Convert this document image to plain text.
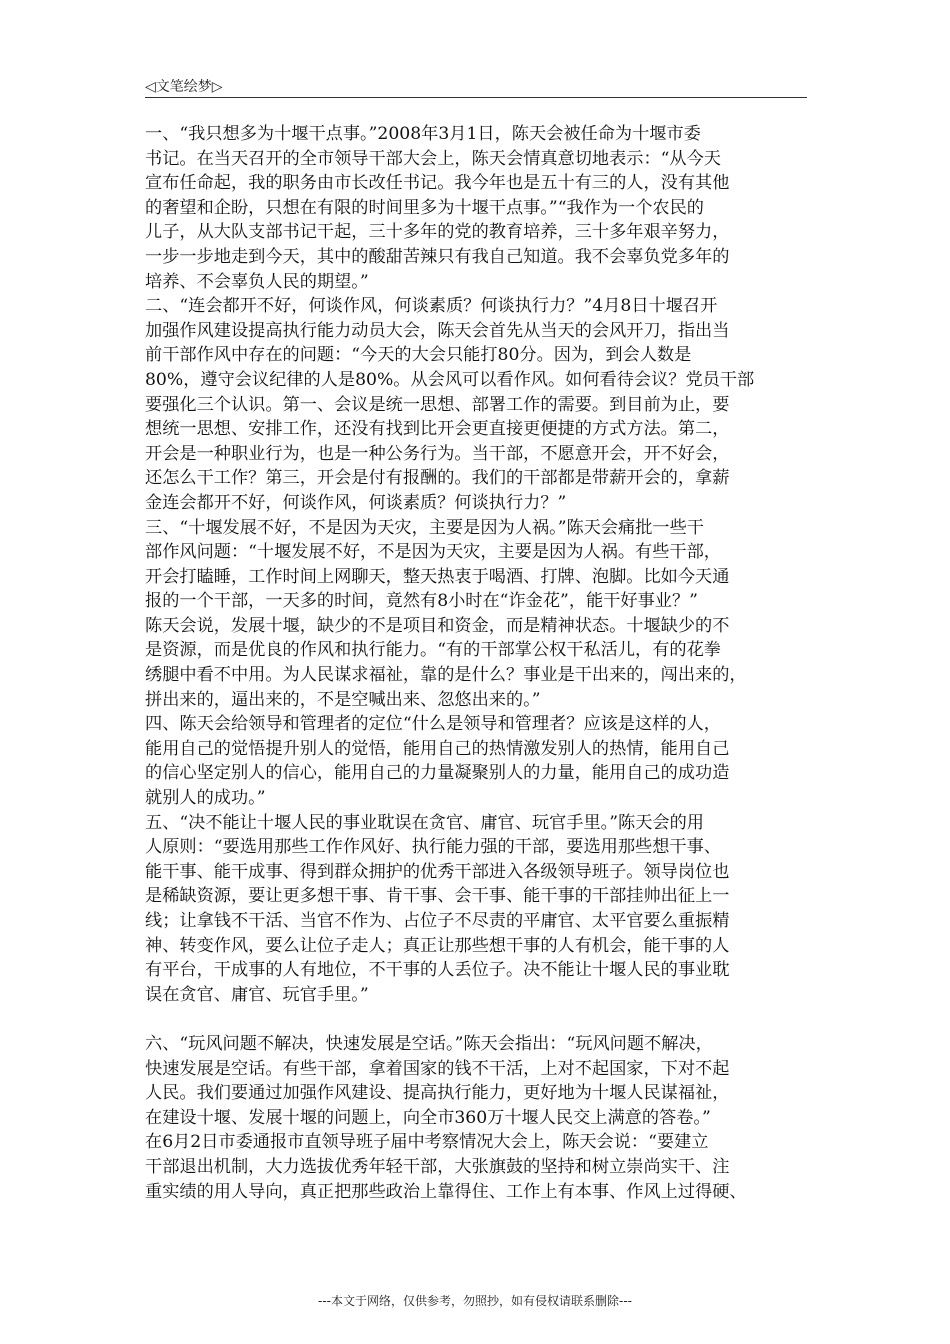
◁文笔绘梦▷
一、“我只想多为十堰干点事。”2008年3月1日，陈天会被任命为十堰市委
书记。在当天召开的全市领导干部大会上，陈天会情真意切地表示：“从今天
宣布任命起，我的职务由市长改任书记。我今年也是五十有三的人，没有其他
的奢望和企盼，只想在有限的时间里多为十堰干点事。”“我作为一个农民的
儿子，从大队支部书记干起，三十多年的党的教育培养，三十多年艰辛努力，
一步一步地走到今天，其中的酸甜苦辣只有我自己知道。我不会辜负党多年的
培养、不会辜负人民的期望。”
二、“连会都开不好，何谈作风，何谈素质？何谈执行力？”4月8日十堰召开
加强作风建设提高执行能力动员大会，陈天会首先从当天的会风开刀，指出当
前干部作风中存在的问题：“今天的大会只能打80分。因为，到会人数是
80%，遵守会议纪律的人是80%。从会风可以看作风。如何看待会议？党员干部
要强化三个认识。第一、会议是统一思想、部署工作的需要。到目前为止，要
想统一思想、安排工作，还没有找到比开会更直接更便捷的方式方法。第二，
开会是一种职业行为，也是一种公务行为。当干部，不愿意开会，开不好会，
还怎么干工作？第三，开会是付有报酬的。我们的干部都是带薪开会的，拿薪
金连会都开不好，何谈作风，何谈素质？何谈执行力？”
三、“十堰发展不好，不是因为天灾，主要是因为人祸。”陈天会痛批一些干
部作风问题：“十堰发展不好，不是因为天灾，主要是因为人祸。有些干部，
开会打瞌睡，工作时间上网聊天，整天热衷于喝酒、打牌、泡脚。比如今天通
报的一个干部，一天多的时间，竟然有8小时在“诈金花”，能干好事业？”
陈天会说，发展十堰，缺少的不是项目和资金，而是精神状态。十堰缺少的不
是资源，而是优良的作风和执行能力。“有的干部掌公权干私活儿，有的花拳
绣腿中看不中用。为人民谋求福祉，靠的是什么？事业是干出来的，闯出来的，
拼出来的，逼出来的，不是空喊出来、忽悠出来的。”
四、陈天会给领导和管理者的定位“什么是领导和管理者？应该是这样的人，
能用自己的觉悟提升别人的觉悟，能用自己的热情激发别人的热情，能用自己
的信心坚定别人的信心，能用自己的力量凝聚别人的力量，能用自己的成功造
就别人的成功。”
五、“决不能让十堰人民的事业耽误在贪官、庸官、玩官手里。”陈天会的用
人原则：“要选用那些工作作风好、执行能力强的干部，要选用那些想干事、
能干事、能干成事、得到群众拥护的优秀干部进入各级领导班子。领导岗位也
是稀缺资源，要让更多想干事、肯干事、会干事、能干事的干部挂帅出征上一
线；让拿钱不干活、当官不作为、占位子不尽责的平庸官、太平官要么重振精
神、转变作风，要么让位子走人；真正让那些想干事的人有机会，能干事的人
有平台，干成事的人有地位，不干事的人丢位子。决不能让十堰人民的事业耽
误在贪官、庸官、玩官手里。”
六、“玩风问题不解决，快速发展是空话。”陈天会指出：“玩风问题不解决，
快速发展是空话。有些干部，拿着国家的钱不干活，上对不起国家，下对不起
人民。我们要通过加强作风建设、提高执行能力，更好地为十堰人民谋福祉，
在建设十堰、发展十堰的问题上，向全市360万十堰人民交上满意的答卷。”
在6月2日市委通报市直领导班子届中考察情况大会上，陈天会说：“要建立
干部退出机制，大力选拔优秀年轻干部，大张旗鼓的坚持和树立崇尚实干、注
重实绩的用人导向，真正把那些政治上靠得住、工作上有本事、作风上过得硬、
---本文于网络，仅供参考，勿照抄，如有侵权请联系删除---
